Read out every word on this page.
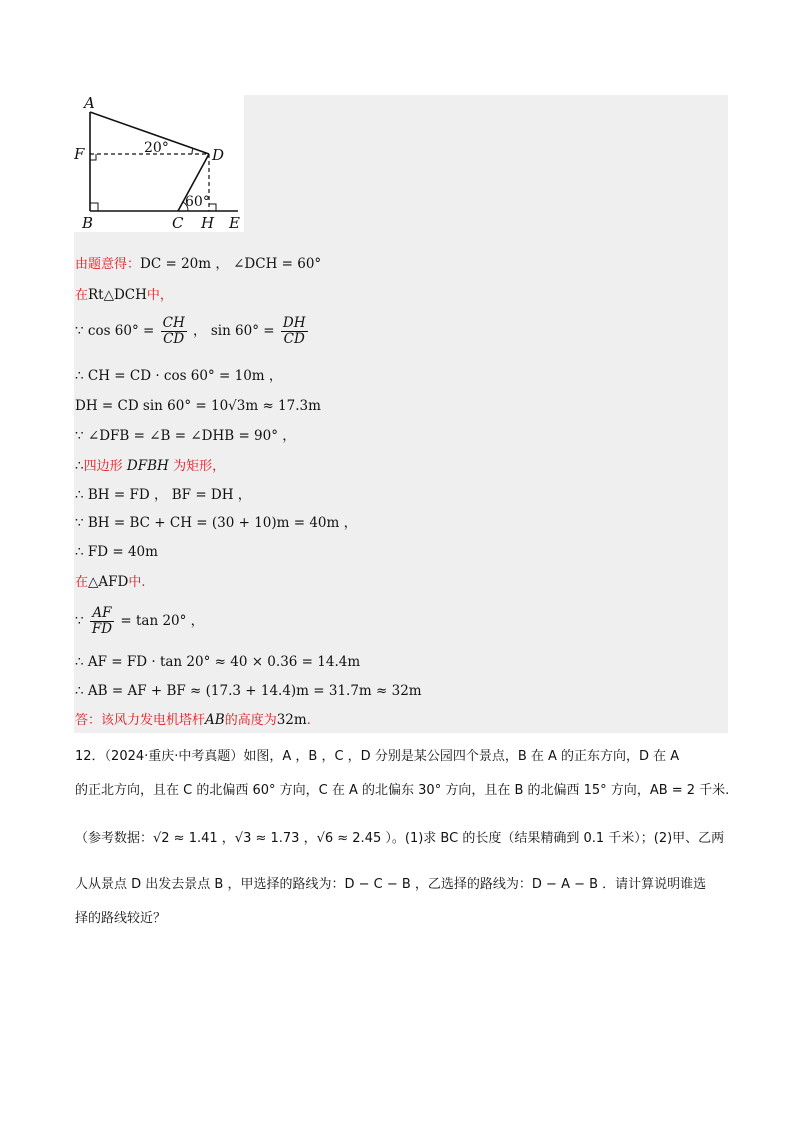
A
F
B	C H E
D
20°
60°
由题意得：DC = 20m ， ∠DCH = 60°
在Rt△DCH中，
∵ $\cos 60^\circ = \frac{CH}{CD}$ ， $\sin 60^\circ = \frac{DH}{CD}$
∴ CH = CD · cos 60° = 10m ，
DH = CD sin 60° = 10√3m ≈ 17.3m
∵ ∠DFB = ∠B = ∠DHB = 90° ，
∴四边形 DFBH 为矩形，
∴ BH = FD ， BF = DH ，
∵ BH = BC + CH = (30 + 10)m = 40m ，
∴ FD = 40m
在△AFD中.
∵ $\frac{AF}{FD} = \tan 20^\circ$ ，
∴ AF = FD · tan 20° ≈ 40 × 0.36 = 14.4m
∴ AB = AF + BF ≈ (17.3 + 14.4)m = 31.7m ≈ 32m
答：该风力发电机塔杆AB的高度为32m.
12．（2024·重庆·中考真题）如图，A ，B ，C ，D 分别是某公园四个景点，B 在 A 的正东方向，D 在 A
的正北方向，且在 C 的北偏西 60° 方向，C 在 A 的北偏东 30° 方向，且在 B 的北偏西 15° 方向，AB = 2 千米.
（参考数据：√2 ≈ 1.41 ，√3 ≈ 1.73 ，√6 ≈ 2.45 ）。(1)求 BC 的长度（结果精确到 0.1 千米）；(2)甲、乙两
人从景点 D 出发去景点 B ，甲选择的路线为：D − C − B ，乙选择的路线为：D − A − B ．请计算说明谁选
择的路线较近？
